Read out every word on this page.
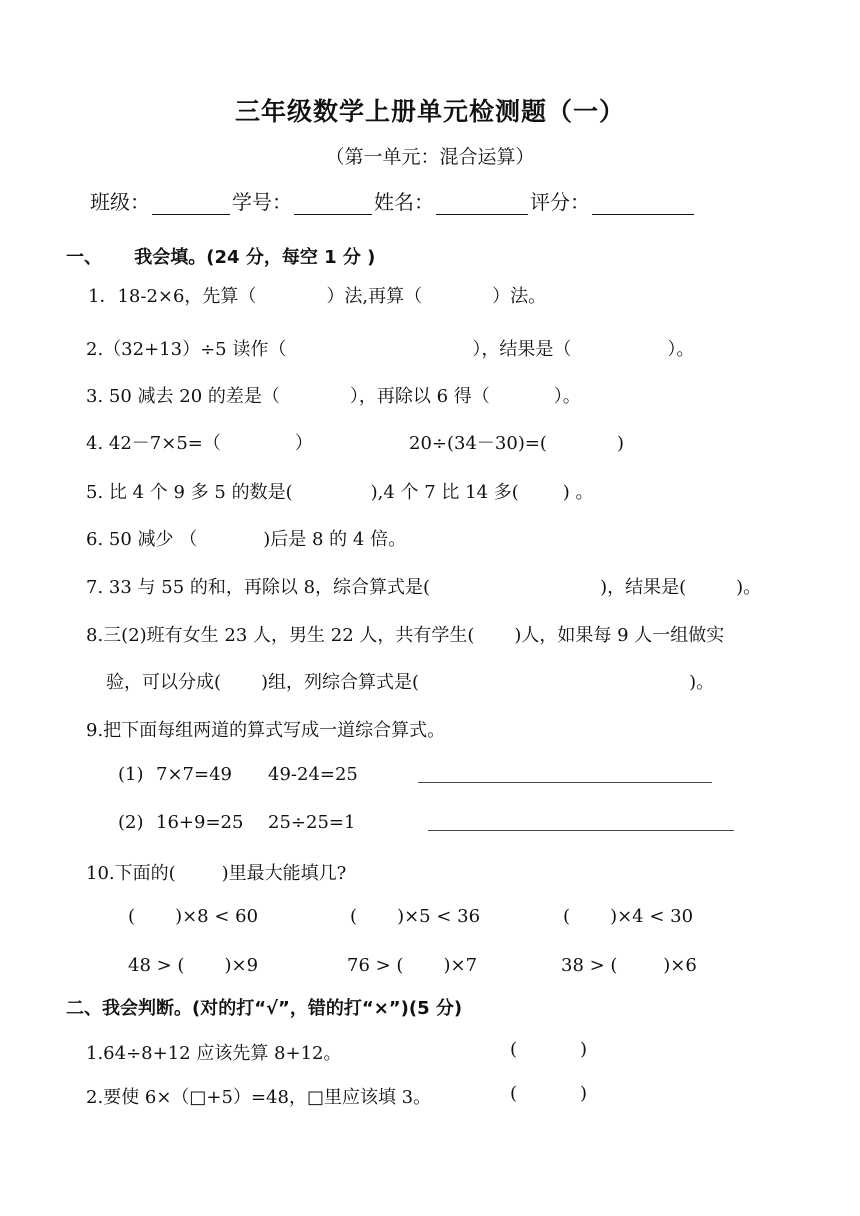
三年级数学上册单元检测题（一）
（第一单元：混合运算）
班级：	学号：	姓名：	评分：
一、 我会填。(24 分，每空 1 分 )
1．18-2×6，先算（	）法,再算（	）法。
2.（32+13）÷5 读作（	），结果是（	）。
3. 50 减去 20 的差是（	），再除以 6 得（	）。
4. 42－7×5=（	）	20÷(34－30)=(	)
5. 比 4 个 9 多 5 的数是(	),4 个 7 比 14 多( ) 。
6. 50 减少 （	)后是 8 的 4 倍。
7. 33 与 55 的和，再除以 8，综合算式是(	)，结果是(	)。
8.三(2)班有女生 23 人，男生 22 人，共有学生( )人，如果每 9 人一组做实
验，可以分成( )组，列综合算式是(	)。
9.把下面每组两道的算式写成一道综合算式。
(1) 7×7=49 49-24=25
(2) 16+9=25 25÷25=1
10.下面的(	)里最大能填几?
(       )×8 < 60	(       )×5 < 36	(       )×4 < 30
48 > (       )×9	76 > (       )×7	38 > (        )×6
二、我会判断。(对的打“√”，错的打“×”)(5 分)
1.64÷8+12 应该先算 8+12。	(           )
2.要使 6×（□+5）=48，□里应该填 3。	(           )
